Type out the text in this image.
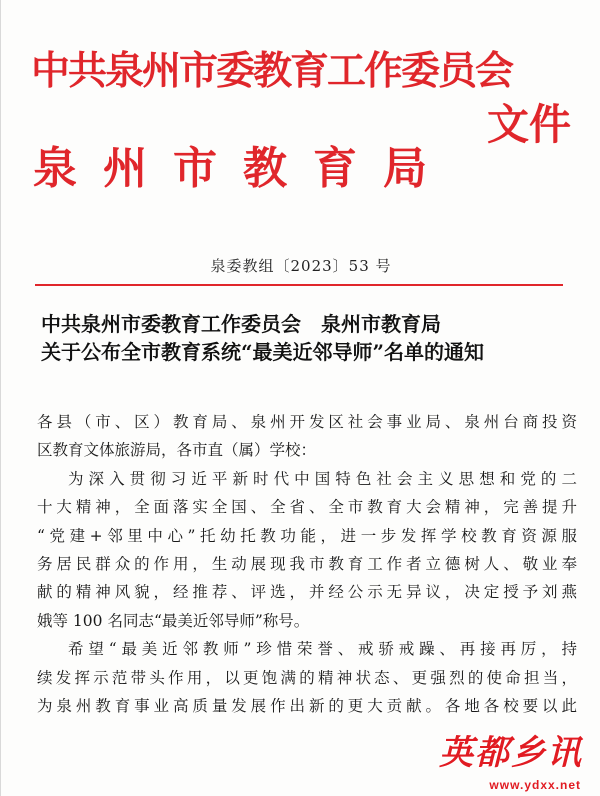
中共泉州市委教育工作委员会
泉州市教育局
文件
泉委教组〔2023〕53 号
中共泉州市委教育工作委员会　泉州市教育局
关于公布全市教育系统“最美近邻导师”名单的通知

各县（市、区）教育局、泉州开发区社会事业局、泉州台商投资

区教育文体旅游局，各市直（属）学校：

为深入贯彻习近平新时代中国特色社会主义思想和党的二

十大精神，全面落实全国、全省、全市教育大会精神，完善提升

“党建+邻里中心”托幼托教功能，进一步发挥学校教育资源服

务居民群众的作用，生动展现我市教育工作者立德树人、敬业奉

献的精神风貌，经推荐、评选，并经公示无异议，决定授予刘燕

娥等 100 名同志“最美近邻导师”称号。

希望“最美近邻教师”珍惜荣誉、戒骄戒躁、再接再厉，持

续发挥示范带头作用，以更饱满的精神状态、更强烈的使命担当，

为泉州教育事业高质量发展作出新的更大贡献。各地各校要以此

英都乡讯
www.ydxx.net
